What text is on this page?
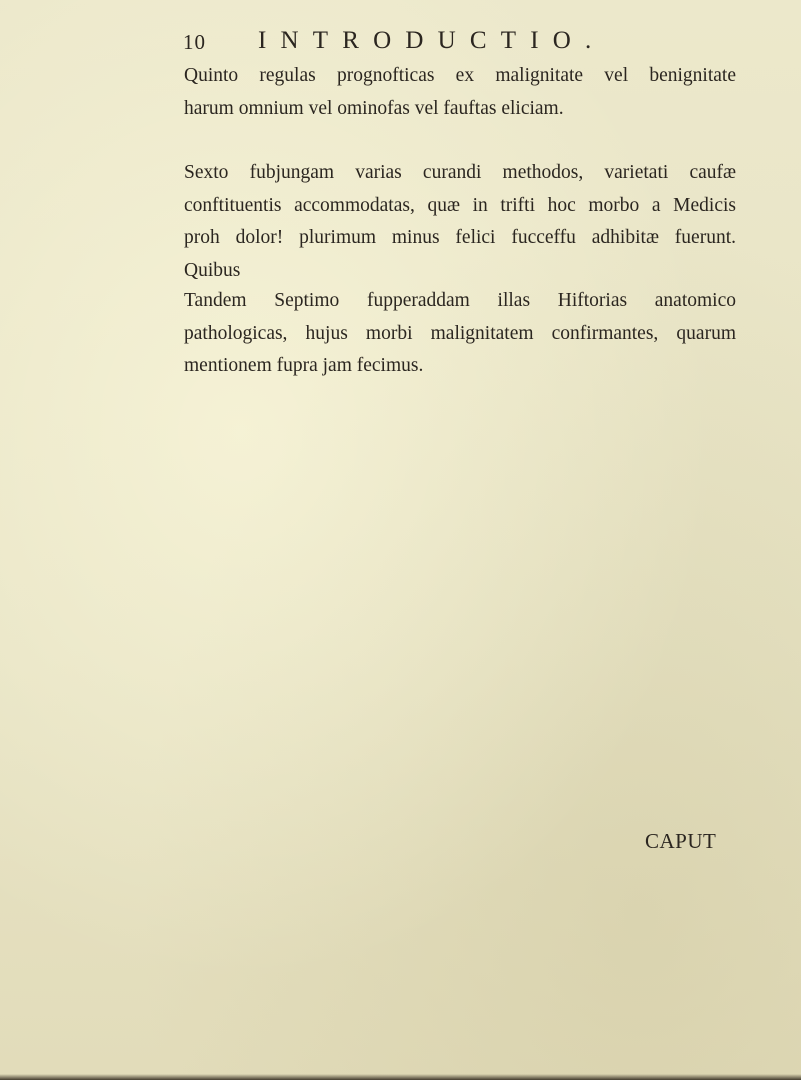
10 INTRODUCTIO.

Quinto regulas prognofticas ex malignitate vel benignitate
harum omnium vel ominofas vel fauftas eliciam.

Sexto fubjungam varias curandi methodos, varietati caufæ
conftituentis accommodatas, quæ in trifti hoc morbo a Medicis
proh dolor! plurimum minus felici fucceffu adhibitæ fuerunt.
Quibus

Tandem Septimo fupperaddam illas Hiftorias anatomico
pathologicas, hujus morbi malignitatem confirmantes, quarum
mentionem fupra jam fecimus.

CAPUT
